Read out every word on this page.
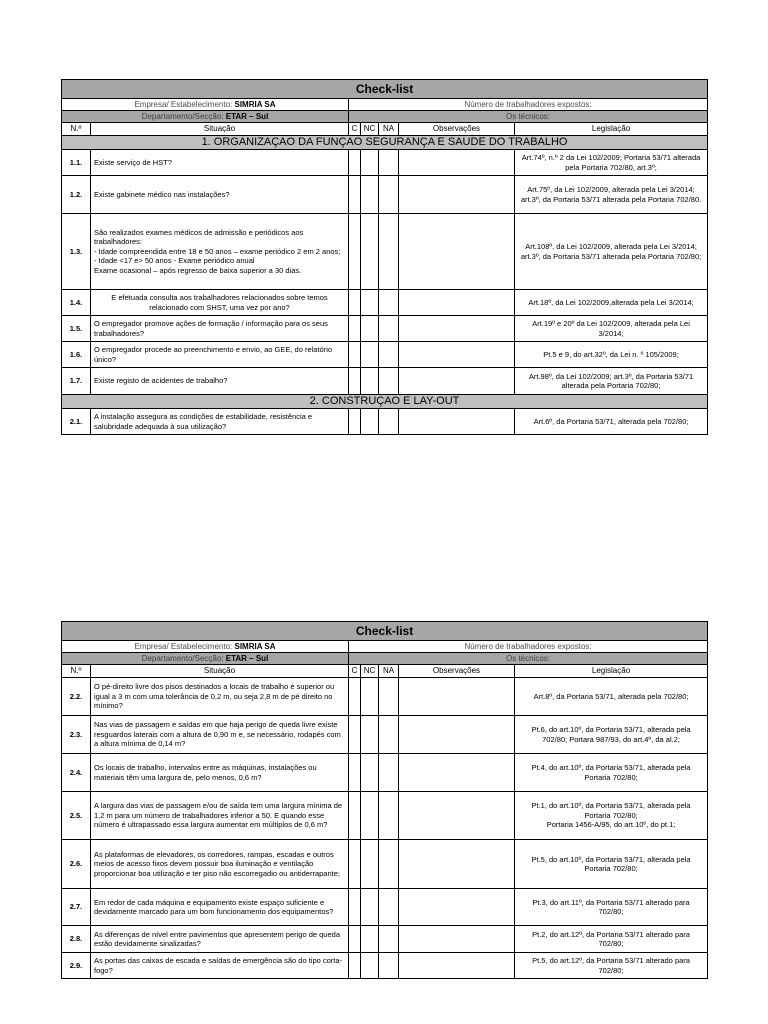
Check-list						
Empresa/ Estabelecimento: SIMRIA SA		Número de trabalhadores expostos:				
Departamento/Secção: ETAR – Sul		Os técnicos:				
N.º	Situação	C	NC	NA	Observações	Legislação
1. ORGANIZAÇAO DA FUNÇAO SEGURANÇA E SAUDE DO TRABALHO						
1.1.	Existe serviço de HST?					Art.74º, n.º 2 da Lei 102/2009; Portaria 53/71 alterada pela Portaria 702/80, art.3º;
1.2.	Existe gabinete médico nas instalações?					Art.75º, da Lei 102/2009, alterada pela Lei 3/2014; art.3º, da Portaria 53/71 alterada pela Portaria 702/80.
1.3.	São realizados exames médicos de admissão e periódicos aos trabalhadores:
- Idade compreendida entre 18 e 50 anos – exame periódico 2 em 2 anos;
- Idade <17 e> 50 anos - Exame periódico anual
Exame ocasional – após regresso de baixa superior a 30 dias.					Art.108º, da Lei 102/2009, alterada pela Lei 3/2014; art.3º, da Portaria 53/71 alterada pela Portaria 702/80;
1.4.	E efetuada consulta aos trabalhadores relacionados sobre temos relacionado com SHST, uma vez por ano?					Art.18º, da Lei 102/2009,alterada pela Lei 3/2014;
1.5.	O empregador promove ações de formação / informação para os seus trabalhadores?					Art.19º e 20º da Lei 102/2009, alterada pela Lei 3/2014;
1.6.	O empregador procede ao preenchimento e envio, ao GEE, do relatório único?					Pt.5 e 9, do art.32º, da Lei n. º 105/2009;
1.7.	Existe registo de acidentes de trabalho?					Art.98º, da Lei 102/2009; art.3º, da Portaria 53/71 alterada pela Portaria 702/80;
2. CONSTRUÇAO E LAY-OUT						
2.1.	A instalação assegura as condições de estabilidade, resistência e salubridade adequada à sua utilização?					Art.6º, da Portaria 53/71, alterada pela 702/80;
Check-list						
Empresa/ Estabelecimento: SIMRIA SA		Número de trabalhadores expostos:				
Departamento/Secção: ETAR – Sul		Os técnicos:				
N.º	Situação	C	NC	NA	Observações	Legislação
2.2.	O pé-direito livre dos pisos destinados a locais de trabalho é superior ou igual a 3 m com uma tolerância de 0,2 m, ou seja 2,8 m de pé direito no mínimo?					Art.8º, da Portaria 53/71, alterada pela 702/80;
2.3.	Nas vias de passagem e saídas em que haja perigo de queda livre existe resguardos laterais com a altura de 0,90 m e, se necessário, rodapés com a altura mínima de 0,14 m?					Pt.6, do art.10º, da Portaria 53/71, alterada pela 702/80; Portara 987/93, do art.4º, da al.2;
2.4.	Os locais de trabalho, intervalos entre as máquinas, instalações ou materiais têm uma largura de, pelo menos, 0,6 m?					Pt.4, do art.10º, da Portaria 53/71, alterada pela Portaria 702/80;
2.5.	A largura das vias de passagem e/ou de saída tem uma largura mínima de 1,2 m para um número de trabalhadores inferior a 50. E quando esse número é ultrapassado essa largura aumentar em múltiplos de 0,6 m?					Pt.1, do art.10º, da Portaria 53/71, alterada pela Portaria 702/80;
Portaria 1456-A/95, do art.10º, do pt.1;
2.6.	As plataformas de elevadores, os corredores, rampas, escadas e outros meios de acesso fixos devem possuir boa iluminação e ventilação proporcionar boa utilização e ter piso não escorregadio ou antiderrapante;					Pt.5, do art.10º, da Portaria 53/71, alterada pela Portaria 702/80;
2.7.	Em redor de cada máquina e equipamento existe espaço suficiente e devidamente marcado para um bom funcionamento dos equipamentos?					Pt.3, do art.11º, da Portaria 53/71 alterado para 702/80;
2.8.	As diferenças de nível entre pavimentos que apresentem perigo de queda estão devidamente sinalizadas?					Pt.2, do art.12º, da Portaria 53/71 alterado para 702/80;
2.9.	As portas das caixas de escada e saídas de emergência são do tipo corta-fogo?					Pt.5, do art.12º, da Portaria 53/71 alterado para 702/80;
